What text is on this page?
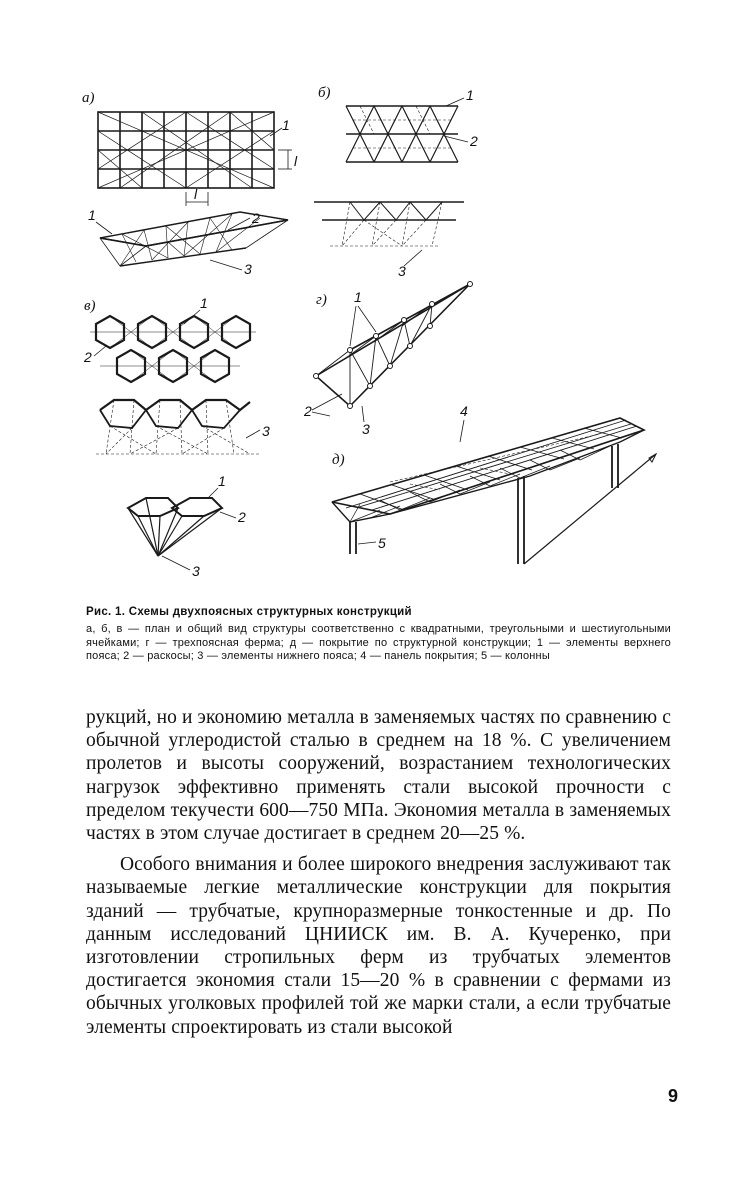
а)
1
l
l
1	2
3
б)	1
2
3
в)	1
2
3
1
2
3
г) 1
2
3
д)
4
5

Рис. 1. Схемы двухпоясных структурных конструкций

а, б, в — план и общий вид структуры соответственно с квадратными, треугольными и шестиугольными ячейками; г — трехпоясная ферма; д — покрытие по структурной конструкции; 1 — элементы верхнего пояса; 2 — раскосы; 3 — элементы нижнего пояса; 4 — панель покрытия; 5 — колонны

рукций, но и экономию металла в заменяемых частях по сравнению с обычной углеродистой сталью в среднем на 18 %. С увеличением пролетов и высоты сооружений, возрастанием технологических нагрузок эффективно применять стали высокой прочности с пределом текучести 600—750 МПа. Экономия металла в заменяемых частях в этом случае достигает в среднем 20—25 %.

Особого внимания и более широкого внедрения заслуживают так называемые легкие металлические конструкции для покрытия зданий — трубчатые, крупноразмерные тонкостенные и др. По данным исследований ЦНИИСК им. В. А. Кучеренко, при изготовлении стропильных ферм из трубчатых элементов достигается экономия стали 15—20 % в сравнении с фермами из обычных уголковых профилей той же марки стали, а если трубчатые элементы спроектировать из стали высокой

9
